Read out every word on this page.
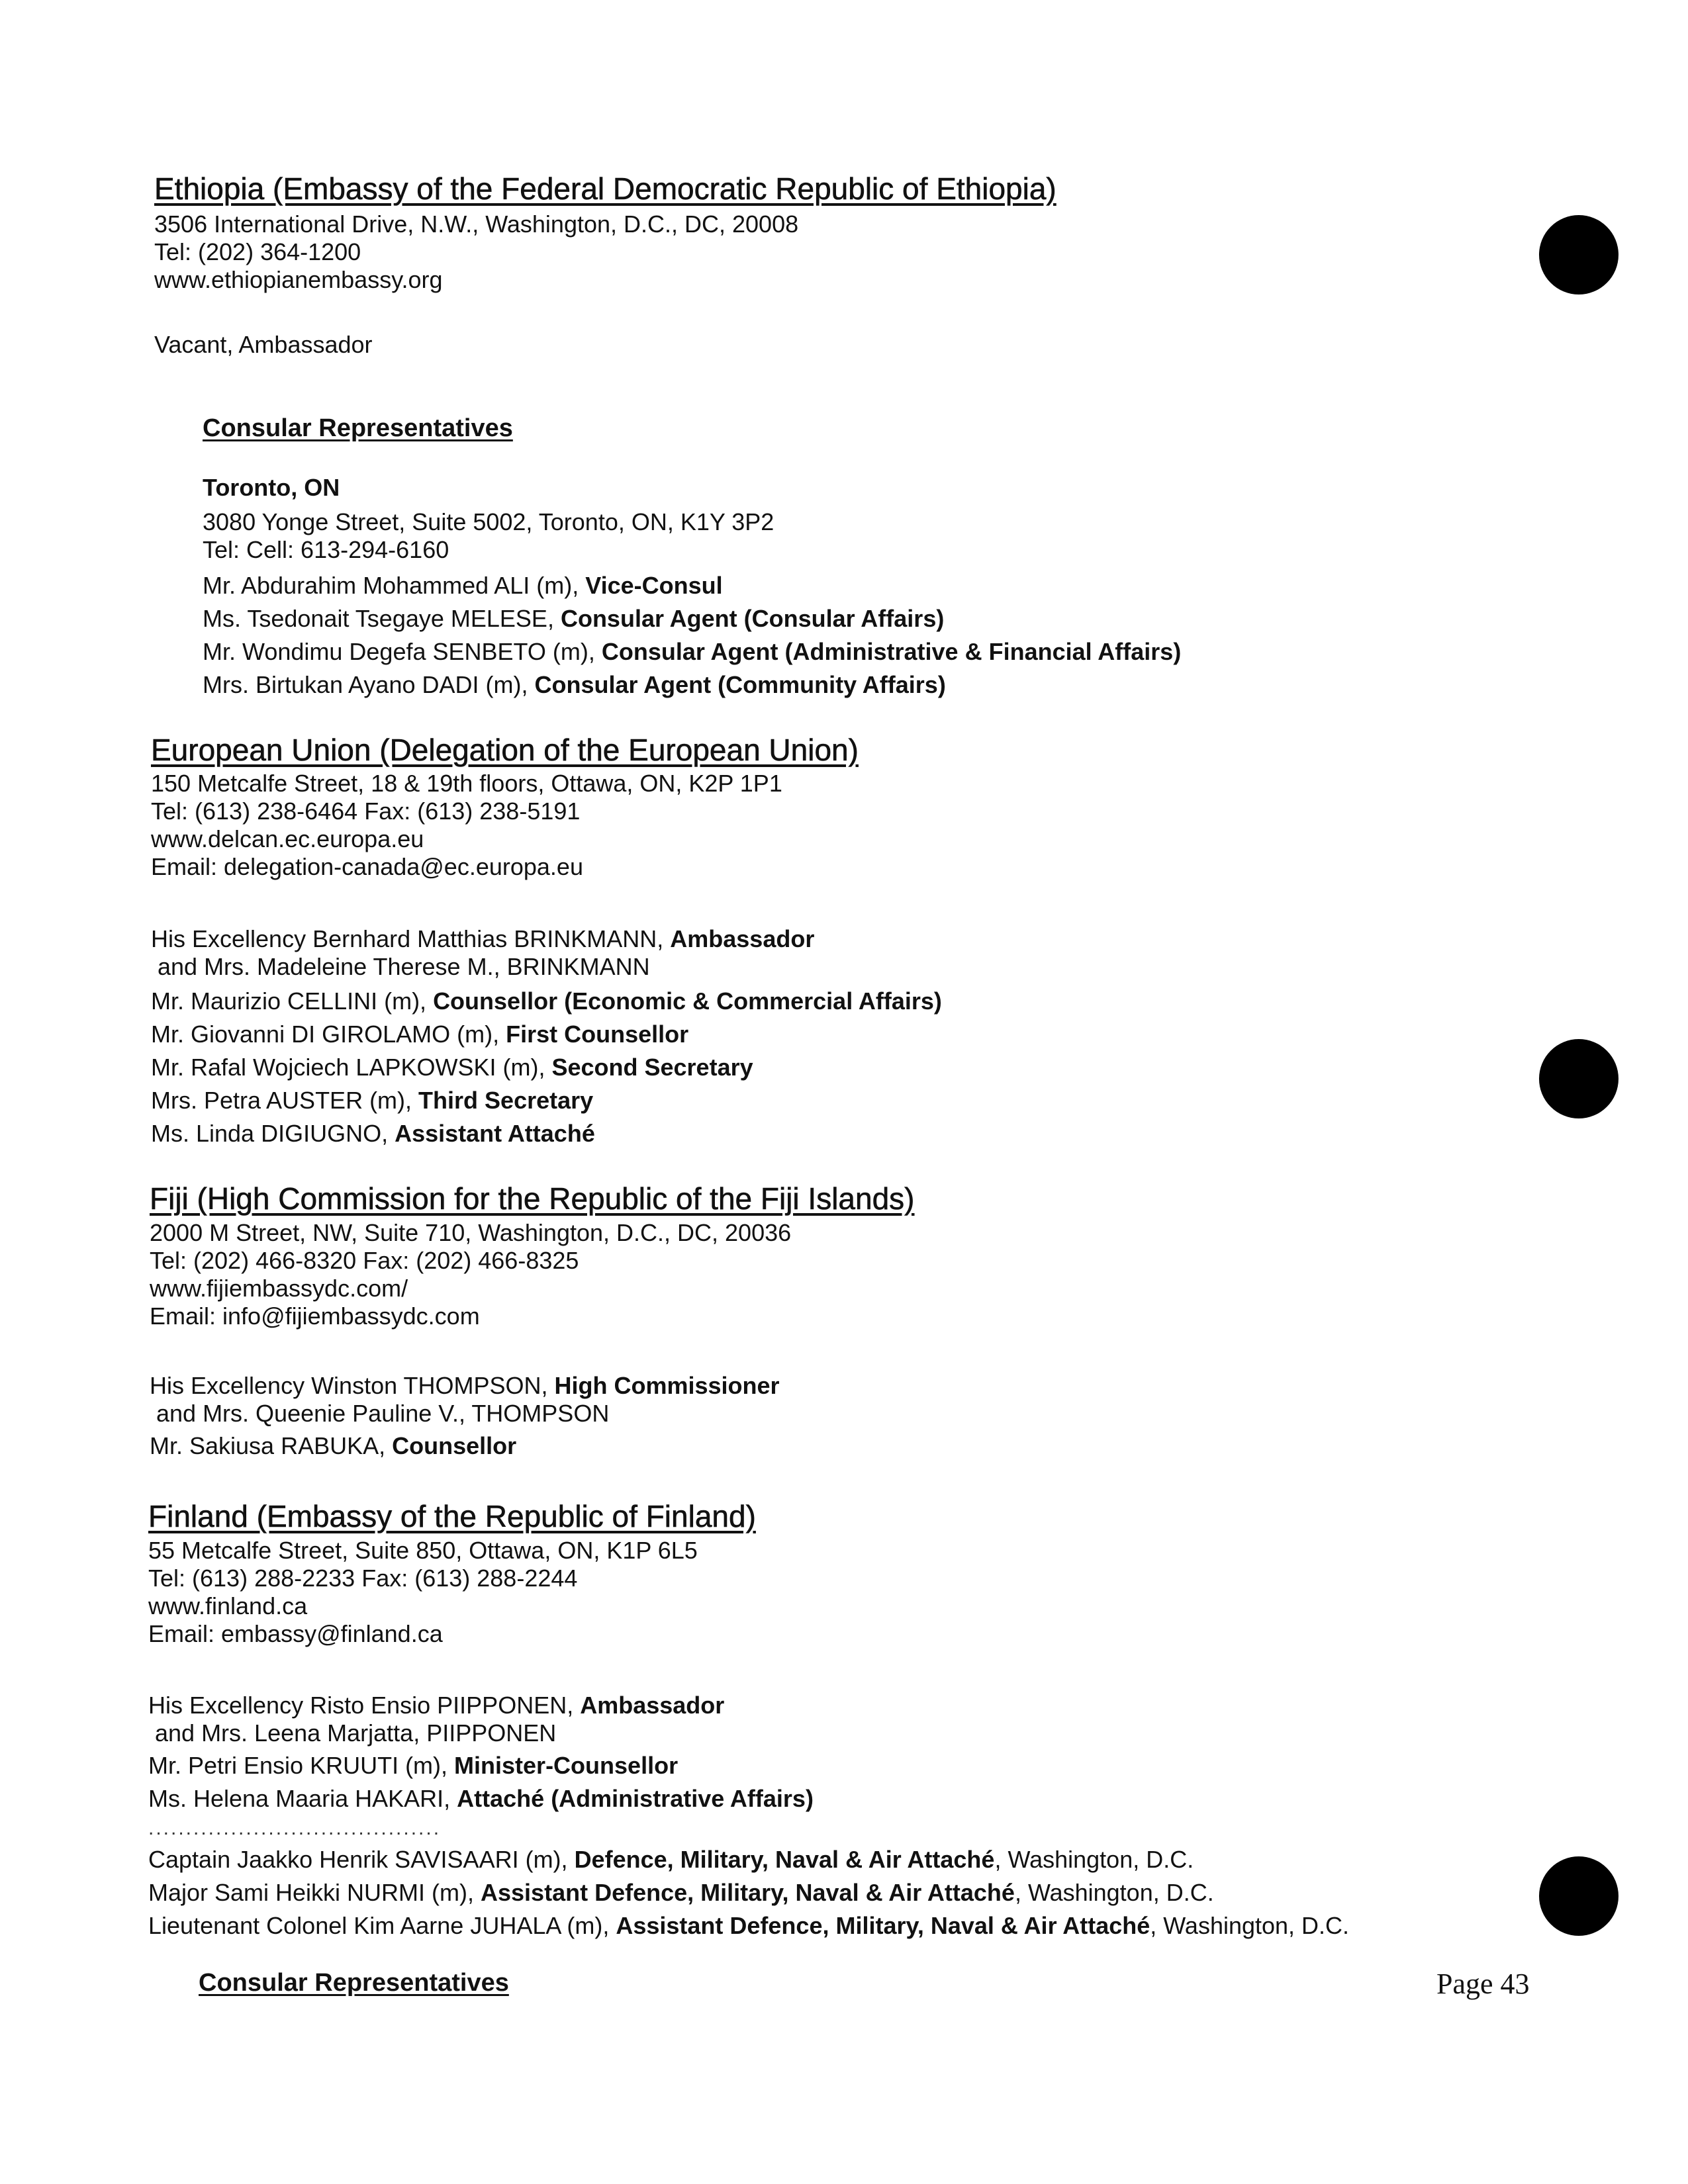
Ethiopia (Embassy of the Federal Democratic Republic of Ethiopia)
3506 International Drive, N.W., Washington, D.C., DC, 20008
Tel: (202) 364-1200
www.ethiopianembassy.org
Vacant, Ambassador
Consular Representatives
Toronto, ON
3080 Yonge Street, Suite 5002, Toronto, ON, K1Y 3P2
Tel: Cell: 613-294-6160
Mr. Abdurahim Mohammed ALI (m), Vice-Consul
Ms. Tsedonait Tsegaye MELESE, Consular Agent (Consular Affairs)
Mr. Wondimu Degefa SENBETO (m), Consular Agent (Administrative & Financial Affairs)
Mrs. Birtukan Ayano DADI (m), Consular Agent (Community Affairs)
European Union (Delegation of the European Union)
150 Metcalfe Street, 18 & 19th floors, Ottawa, ON, K2P 1P1
Tel: (613) 238-6464 Fax: (613) 238-5191
www.delcan.ec.europa.eu
Email: delegation-canada@ec.europa.eu
His Excellency Bernhard Matthias BRINKMANN, Ambassador
and Mrs. Madeleine Therese M., BRINKMANN
Mr. Maurizio CELLINI (m), Counsellor (Economic & Commercial Affairs)
Mr. Giovanni DI GIROLAMO (m), First Counsellor
Mr. Rafal Wojciech LAPKOWSKI (m), Second Secretary
Mrs. Petra AUSTER (m), Third Secretary
Ms. Linda DIGIUGNO, Assistant Attaché
Fiji (High Commission for the Republic of the Fiji Islands)
2000 M Street, NW, Suite 710, Washington, D.C., DC, 20036
Tel: (202) 466-8320 Fax: (202) 466-8325
www.fijiembassydc.com/
Email: info@fijiembassydc.com
His Excellency Winston THOMPSON, High Commissioner
and Mrs. Queenie Pauline V., THOMPSON
Mr. Sakiusa RABUKA, Counsellor
Finland (Embassy of the Republic of Finland)
55 Metcalfe Street, Suite 850, Ottawa, ON, K1P 6L5
Tel: (613) 288-2233 Fax: (613) 288-2244
www.finland.ca
Email: embassy@finland.ca
His Excellency Risto Ensio PIIPPONEN, Ambassador
and Mrs. Leena Marjatta, PIIPPONEN
Mr. Petri Ensio KRUUTI (m), Minister-Counsellor
Ms. Helena Maaria HAKARI, Attaché (Administrative Affairs)
.......................................
Captain Jaakko Henrik SAVISAARI (m), Defence, Military, Naval & Air Attaché, Washington, D.C.
Major Sami Heikki NURMI (m), Assistant Defence, Military, Naval & Air Attaché, Washington, D.C.
Lieutenant Colonel Kim Aarne JUHALA (m), Assistant Defence, Military, Naval & Air Attaché, Washington, D.C.
Consular Representatives	Page 43
